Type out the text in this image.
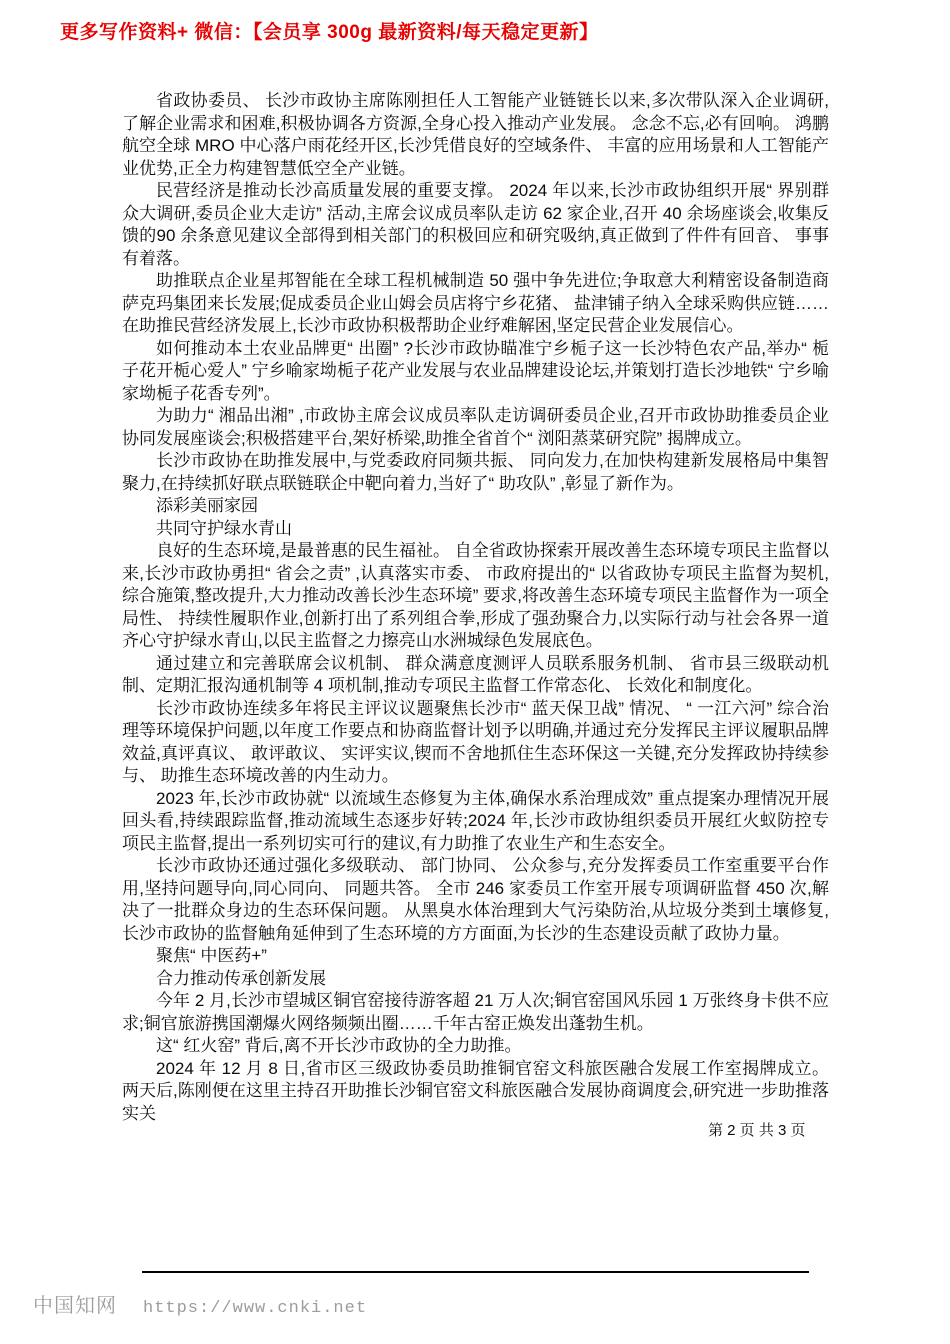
更多写作资料+ 微信：【会员享 300g 最新资料/每天稳定更新】

省政协委员、 长沙市政协主席陈刚担任人工智能产业链链长以来,多次带队深入企业调研,了解企业需求和困难,积极协调各方资源,全身心投入推动产业发展。 念念不忘,必有回响。 鸿鹏航空全球 MRO 中心落户雨花经开区,长沙凭借良好的空域条件、 丰富的应用场景和人工智能产业优势,正全力构建智慧低空全产业链。

民营经济是推动长沙高质量发展的重要支撑。 2024 年以来,长沙市政协组织开展“ 界别群众大调研,委员企业大走访” 活动,主席会议成员率队走访 62 家企业,召开 40 余场座谈会,收集反馈的90 余条意见建议全部得到相关部门的积极回应和研究吸纳,真正做到了件件有回音、 事事有着落。

助推联点企业星邦智能在全球工程机械制造 50 强中争先进位;争取意大利精密设备制造商萨克玛集团来长发展;促成委员企业山姆会员店将宁乡花猪、 盐津铺子纳入全球采购供应链……在助推民营经济发展上,长沙市政协积极帮助企业纾难解困,坚定民营企业发展信心。

如何推动本土农业品牌更“ 出圈” ?长沙市政协瞄准宁乡栀子这一长沙特色农产品,举办“ 栀子花开栀心爱人” 宁乡喻家坳栀子花产业发展与农业品牌建设论坛,并策划打造长沙地铁“ 宁乡喻家坳栀子花香专列”。

为助力“ 湘品出湘” ,市政协主席会议成员率队走访调研委员企业,召开市政协助推委员企业协同发展座谈会;积极搭建平台,架好桥梁,助推全省首个“ 浏阳蒸菜研究院” 揭牌成立。

长沙市政协在助推发展中,与党委政府同频共振、 同向发力,在加快构建新发展格局中集智聚力,在持续抓好联点联链联企中靶向着力,当好了“ 助攻队” ,彰显了新作为。

添彩美丽家园

共同守护绿水青山

良好的生态环境,是最普惠的民生福祉。 自全省政协探索开展改善生态环境专项民主监督以来,长沙市政协勇担“ 省会之责” ,认真落实市委、 市政府提出的“ 以省政协专项民主监督为契机,综合施策,整改提升,大力推动改善长沙生态环境” 要求,将改善生态环境专项民主监督作为一项全局性、 持续性履职作业,创新打出了系列组合拳,形成了强劲聚合力,以实际行动与社会各界一道齐心守护绿水青山,以民主监督之力擦亮山水洲城绿色发展底色。

通过建立和完善联席会议机制、 群众满意度测评人员联系服务机制、 省市县三级联动机制、定期汇报沟通机制等 4 项机制,推动专项民主监督工作常态化、 长效化和制度化。

长沙市政协连续多年将民主评议议题聚焦长沙市“ 蓝天保卫战” 情况、 “ 一江六河” 综合治理等环境保护问题,以年度工作要点和协商监督计划予以明确,并通过充分发挥民主评议履职品牌效益,真评真议、 敢评敢议、 实评实议,锲而不舍地抓住生态环保这一关键,充分发挥政协持续参与、 助推生态环境改善的内生动力。

2023 年,长沙市政协就“ 以流域生态修复为主体,确保水系治理成效” 重点提案办理情况开展回头看,持续跟踪监督,推动流域生态逐步好转;2024 年,长沙市政协组织委员开展红火蚁防控专项民主监督,提出一系列切实可行的建议,有力助推了农业生产和生态安全。

长沙市政协还通过强化多级联动、 部门协同、 公众参与,充分发挥委员工作室重要平台作用,坚持问题导向,同心同向、 同题共答。 全市 246 家委员工作室开展专项调研监督 450 次,解决了一批群众身边的生态环保问题。 从黑臭水体治理到大气污染防治,从垃圾分类到土壤修复,长沙市政协的监督触角延伸到了生态环境的方方面面,为长沙的生态建设贡献了政协力量。

聚焦“ 中医药+”

合力推动传承创新发展

今年 2 月,长沙市望城区铜官窑接待游客超 21 万人次;铜官窑国风乐园 1 万张终身卡供不应求;铜官旅游携国潮爆火网络频频出圈……千年古窑正焕发出蓬勃生机。

这“ 红火窑” 背后,离不开长沙市政协的全力助推。

2024 年 12 月 8 日,省市区三级政协委员助推铜官窑文科旅医融合发展工作室揭牌成立。 两天后,陈刚便在这里主持召开助推长沙铜官窑文科旅医融合发展协商调度会,研究进一步助推落实关

第 2 页 共 3 页
中国知网 https://www.cnki.net
